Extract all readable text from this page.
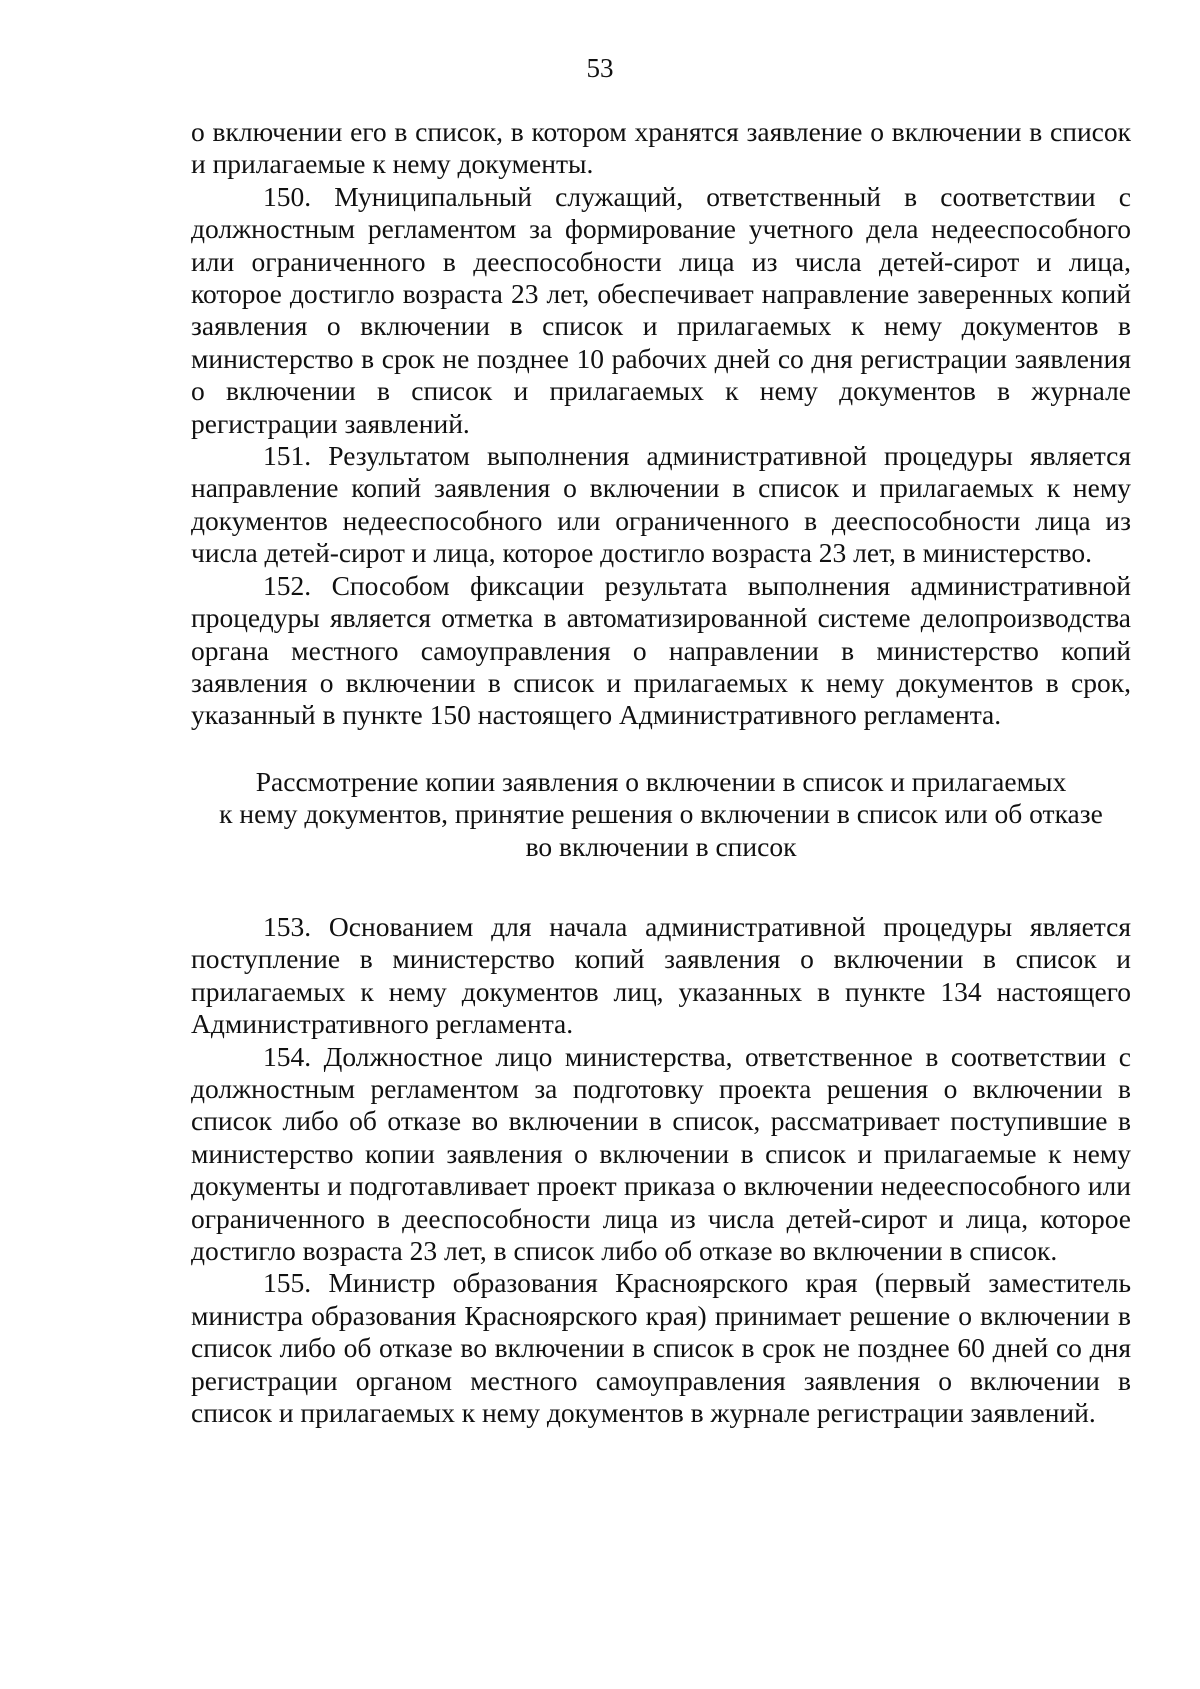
53

о включении его в список, в котором хранятся заявление о включении в список и прилагаемые к нему документы.

150. Муниципальный служащий, ответственный в соответствии с должностным регламентом за формирование учетного дела недееспособного или ограниченного в дееспособности лица из числа детей-сирот и лица, которое достигло возраста 23 лет, обеспечивает направление заверенных копий заявления о включении в список и прилагаемых к нему документов в министерство в срок не позднее 10 рабочих дней со дня регистрации заявления о включении в список и прилагаемых к нему документов в журнале регистрации заявлений.

151. Результатом выполнения административной процедуры является направление копий заявления о включении в список и прилагаемых к нему документов недееспособного или ограниченного в дееспособности лица из числа детей-сирот и лица, которое достигло возраста 23 лет, в министерство.

152. Способом фиксации результата выполнения административной процедуры является отметка в автоматизированной системе делопроизводства органа местного самоуправления о направлении в министерство копий заявления о включении в список и прилагаемых к нему документов в срок, указанный в пункте 150 настоящего Административного регламента.

Рассмотрение копии заявления о включении в список и прилагаемых
к нему документов, принятие решения о включении в список или об отказе
во включении в список

153. Основанием для начала административной процедуры является поступление в министерство копий заявления о включении в список и прилагаемых к нему документов лиц, указанных в пункте 134 настоящего Административного регламента.

154. Должностное лицо министерства, ответственное в соответствии с должностным регламентом за подготовку проекта решения о включении в список либо об отказе во включении в список, рассматривает поступившие в министерство копии заявления о включении в список и прилагаемые к нему документы и подготавливает проект приказа о включении недееспособного или ограниченного в дееспособности лица из числа детей-сирот и лица, которое достигло возраста 23 лет, в список либо об отказе во включении в список.

155. Министр образования Красноярского края (первый заместитель министра образования Красноярского края) принимает решение о включении в список либо об отказе во включении в список в срок не позднее 60 дней со дня регистрации органом местного самоуправления заявления о включении в список и прилагаемых к нему документов в журнале регистрации заявлений.
